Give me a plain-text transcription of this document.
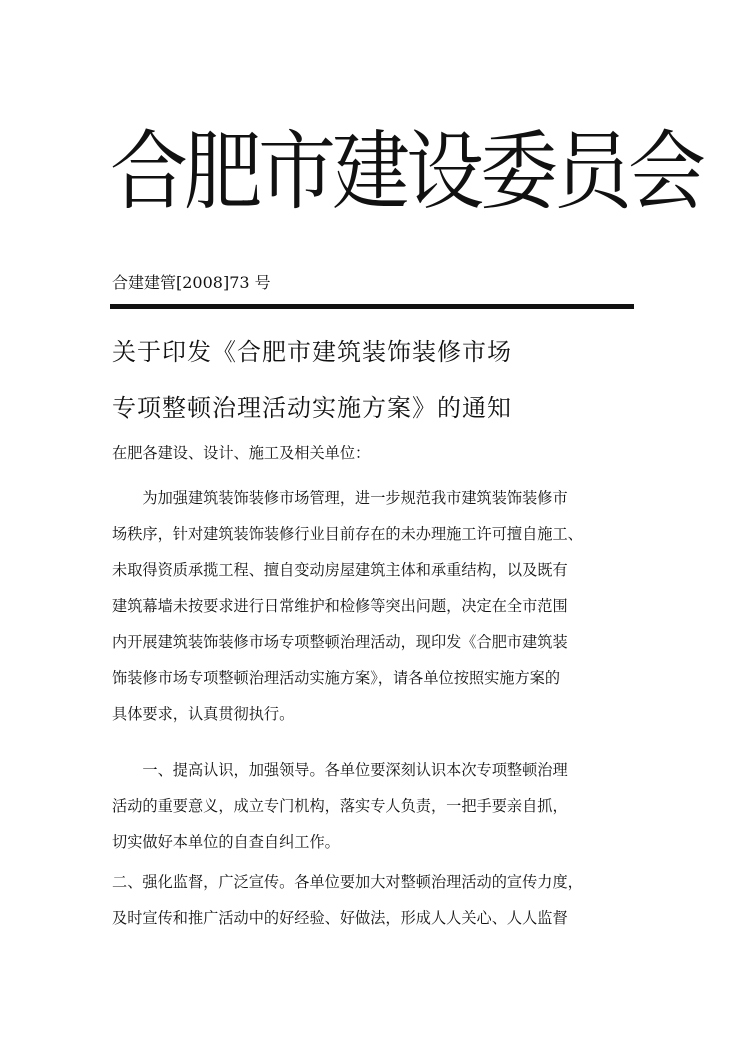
合肥市建设委员会
合建建管[2008]73 号
关于印发《合肥市建筑装饰装修市场
专项整顿治理活动实施方案》的通知
在肥各建设、设计、施工及相关单位：
　　为加强建筑装饰装修市场管理，进一步规范我市建筑装饰装修市
场秩序，针对建筑装饰装修行业目前存在的未办理施工许可擅自施工、
未取得资质承揽工程、擅自变动房屋建筑主体和承重结构，以及既有
建筑幕墙未按要求进行日常维护和检修等突出问题，决定在全市范围
内开展建筑装饰装修市场专项整顿治理活动，现印发《合肥市建筑装
饰装修市场专项整顿治理活动实施方案》，请各单位按照实施方案的
具体要求，认真贯彻执行。
　　一、提高认识，加强领导。各单位要深刻认识本次专项整顿治理
活动的重要意义，成立专门机构，落实专人负责，一把手要亲自抓，
切实做好本单位的自查自纠工作。
二、强化监督，广泛宣传。各单位要加大对整顿治理活动的宣传力度，
及时宣传和推广活动中的好经验、好做法，形成人人关心、人人监督
